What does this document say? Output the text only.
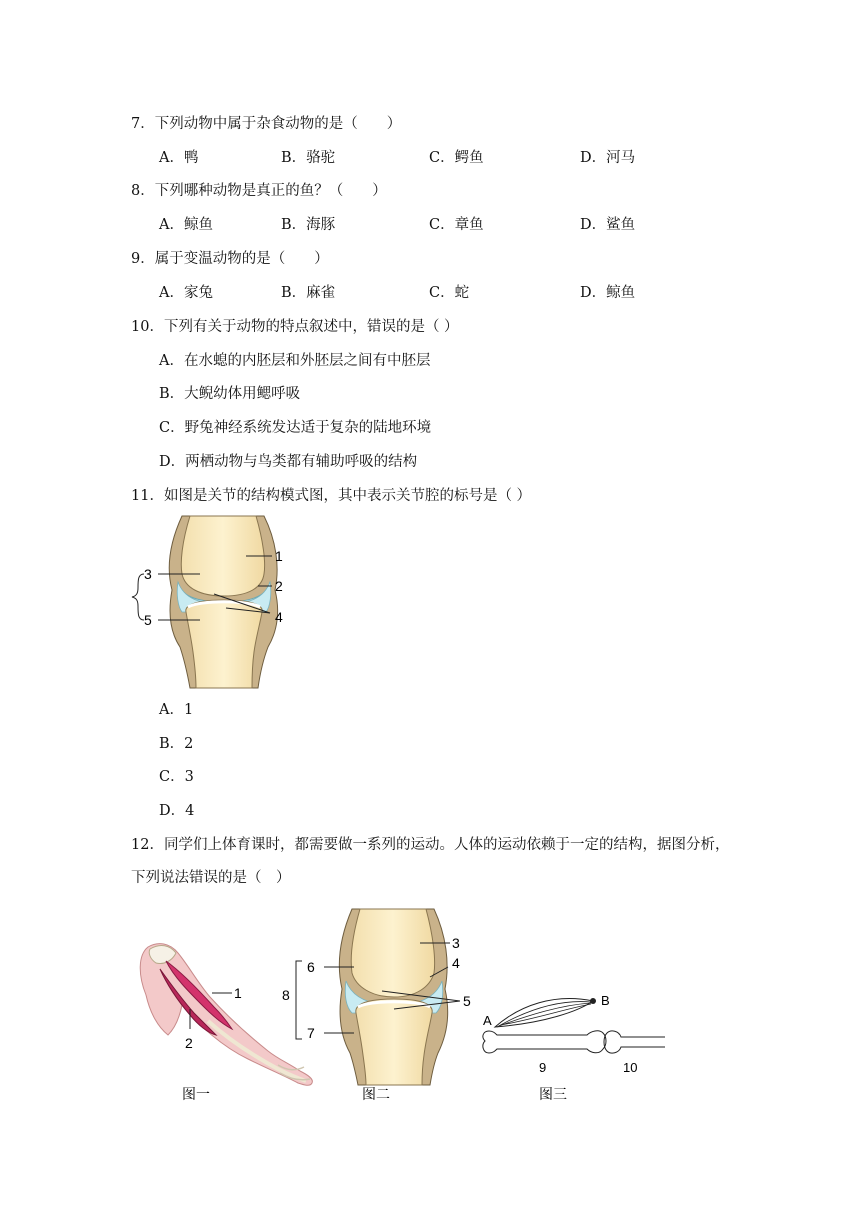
7．下列动物中属于杂食动物的是（　　）
A．鸭	B．骆驼	C．鳄鱼	D．河马
8．下列哪种动物是真正的鱼？（　　）
A．鲸鱼	B．海豚	C．章鱼	D．鲨鱼
9．属于变温动物的是（　　）
A．家兔	B．麻雀	C．蛇	D．鲸鱼
10．下列有关于动物的特点叙述中，错误的是（ ）
A．在水螅的内胚层和外胚层之间有中胚层
B．大鲵幼体用鳃呼吸
C．野兔神经系统发达适于复杂的陆地环境
D．两栖动物与鸟类都有辅助呼吸的结构
11．如图是关节的结构模式图，其中表示关节腔的标号是（ ）
1
2
3
4
5
A．1
B．2
C．3
D．4
12．同学们上体育课时，都需要做一系列的运动。人体的运动依赖于一定的结构，据图分析，
下列说法错误的是（　）
1
2
图一
3
4
5
6
7
8
图二
A
B
9	10
图三
